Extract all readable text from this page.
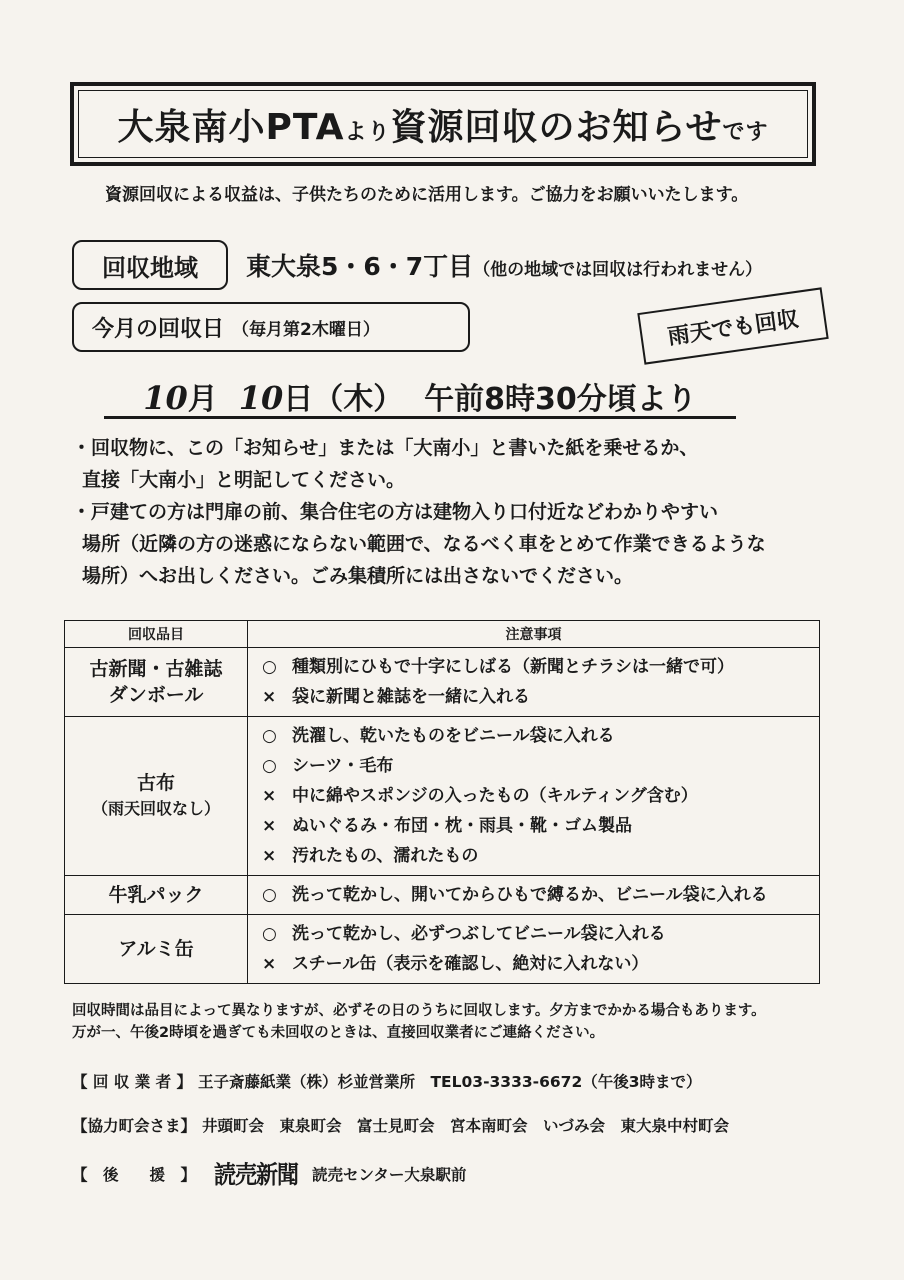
大泉南小PTAより資源回収のお知らせです
資源回収による収益は、子供たちのために活用します。ご協力をお願いいたします。
回収地域	東大泉5・6・7丁目（他の地域では回収は行われません）
今月の回収日 （毎月第2木曜日）	雨天でも回収
10月 10日（木） 午前8時30分頃より
・回収物に、この「お知らせ」または「大南小」と書いた紙を乗せるか、
直接「大南小」と明記してください。
・戸建ての方は門扉の前、集合住宅の方は建物入り口付近などわかりやすい
場所（近隣の方の迷惑にならない範囲で、なるべく車をとめて作業できるような
場所）へお出しください。ごみ集積所には出さないでください。
回収品目	注意事項
古新聞・古雑誌
ダンボール	○ 種類別にひもで十字にしばる（新聞とチラシは一緒で可）
× 袋に新聞と雑誌を一緒に入れる

古布
（雨天回収なし）	○ 洗濯し、乾いたものをビニール袋に入れる
○ シーツ・毛布
× 中に綿やスポンジの入ったもの（キルティング含む）
× ぬいぐるみ・布団・枕・雨具・靴・ゴム製品
× 汚れたもの、濡れたもの

牛乳パック	○ 洗って乾かし、開いてからひもで縛るか、ビニール袋に入れる

アルミ缶	○ 洗って乾かし、必ずつぶしてビニール袋に入れる
× スチール缶（表示を確認し、絶対に入れない）
回収時間は品目によって異なりますが、必ずその日のうちに回収します。夕方までかかる場合もあります。
万が一、午後2時頃を過ぎても未回収のときは、直接回収業者にご連絡ください。
【 回 収 業 者 】 王子斎藤紙業（株）杉並営業所　TEL03-3333-6672（午後3時まで）
【協力町会さま】 井頭町会　東泉町会　富士見町会　宮本南町会　いづみ会　東大泉中村町会
【　後　　援　】 読売新聞 読売センター大泉駅前
